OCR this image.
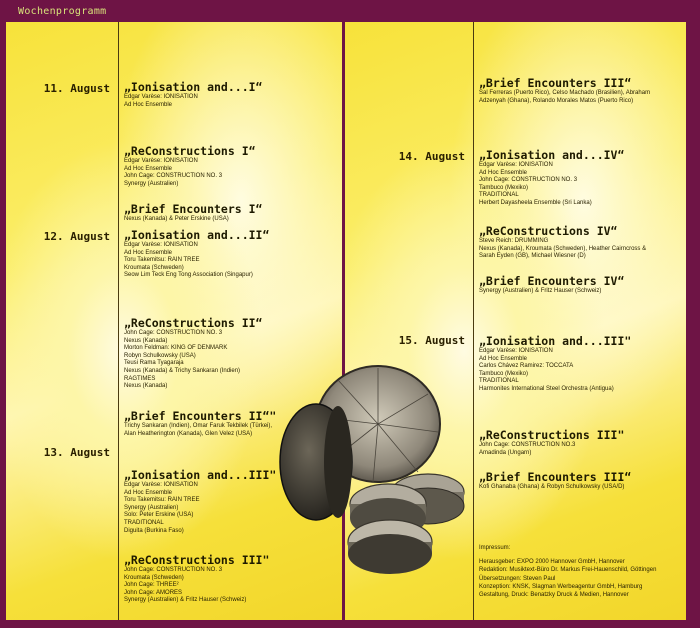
Wochenprogramm
11. August
12. August
13. August
„Ionisation and...I“
Edgar Varèse: IONISATION
Ad Hoc Ensemble
„ReConstructions I“
Edgar Varèse: IONISATION
Ad Hoc Ensemble
John Cage: CONSTRUCTION NO. 3
Synergy (Australien)
„Brief Encounters I“
Nexus (Kanada) & Peter Erskine (USA)
„Ionisation and...II“
Edgar Varèse: IONISATION
Ad Hoc Ensemble
Toru Takemitsu: RAIN TREE
Kroumata (Schweden)
Seow Lim Teck Eng Tong Association (Singapur)
„ReConstructions II“
John Cage: CONSTRUCTION NO. 3
Nexus (Kanada)
Morton Feldman: KING OF DENMARK
Robyn Schulkowsky (USA)
Teusi Rama Tyagaraja
Nexus (Kanada) & Trichy Sankaran (Indien)
RAGTIMES
Nexus (Kanada)
„Brief Encounters II“"
Trichy Sankaran (Indien), Omar Faruk Tekbilek (Türkei),
Alan Heatherington (Kanada), Glen Velez (USA)
„Ionisation and...III"
Edgar Varèse: IONISATION
Ad Hoc Ensemble
Toru Takemitsu: RAIN TREE
Synergy (Australien)
Solo: Peter Erskine (USA)
TRADITIONAL
Diguita (Burkina Faso)
„ReConstructions III"
John Cage: CONSTRUCTION NO. 3
Kroumata (Schweden)
John Cage: THREE²
John Cage: AMORES
Synergy (Australien) & Fritz Hauser (Schweiz)
14. August
15. August
„Brief Encounters III“
Sal Ferreras (Puerto Rico), Celso Machado (Brasilien), Abraham
Adzenyah (Ghana), Rolando Morales Matos (Puerto Rico)
„Ionisation and...IV“
Edgar Varèse: IONISATION
Ad Hoc Ensemble
John Cage: CONSTRUCTION NO. 3
Tambuco (Mexiko)
TRADITIONAL
Herbert Dayasheela Ensemble (Sri Lanka)
„ReConstructions IV“
Steve Reich: DRUMMING
Nexus (Kanada), Kroumata (Schweden), Heather Cairncross &
Sarah Eyden (GB), Michael Wiesner (D)
„Brief Encounters IV“
Synergy (Australien) & Fritz Hauser (Schweiz)
„Ionisation and...III"
Edgar Varèse: IONISATION
Ad Hoc Ensemble
Carlos Chávez Ramirez: TOCCATA
Tambuco (Mexiko)
TRADITIONAL
Harmonites International Steel Orchestra (Antigua)
„ReConstructions III"
John Cage: CONSTRUCTION NO.3
Amadinda (Ungarn)
„Brief Encounters III“
Kofi Ghanaba (Ghana) & Robyn Schulkowsky (USA/D)
Impressum:
Herausgeber: EXPO 2000 Hannover GmbH, Hannover
Redaktion: Musiktext-Büro Dr. Markus Frei-Hauenschild, Göttingen
Übersetzungen: Steven Paul
Konzeption: KNSK, Slagman Werbeagentur GmbH, Hamburg
Gestaltung, Druck: Benatzky Druck & Medien, Hannover
